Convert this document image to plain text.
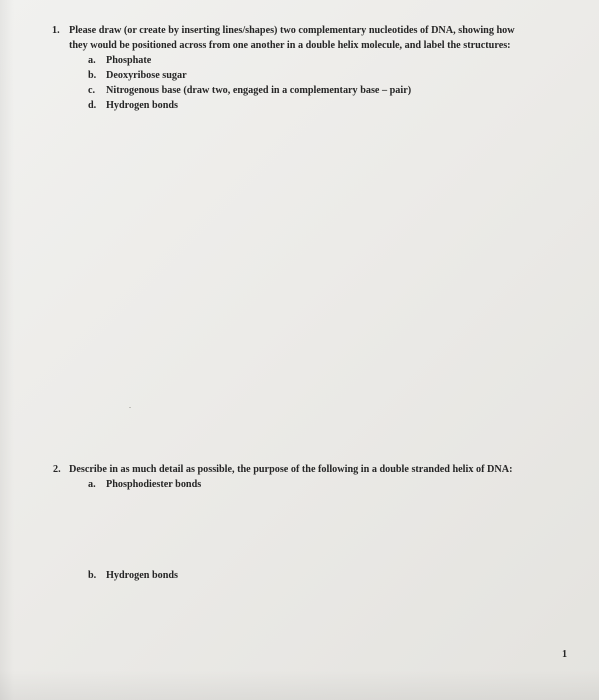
1. Please draw (or create by inserting lines/shapes) two complementary nucleotides of DNA, showing how
they would be positioned across from one another in a double helix molecule, and label the structures:
a. Phosphate
b. Deoxyribose sugar
c. Nitrogenous base (draw two, engaged in a complementary base – pair)
d. Hydrogen bonds
2. Describe in as much detail as possible, the purpose of the following in a double stranded helix of DNA:
a. Phosphodiester bonds
b. Hydrogen bonds
1
